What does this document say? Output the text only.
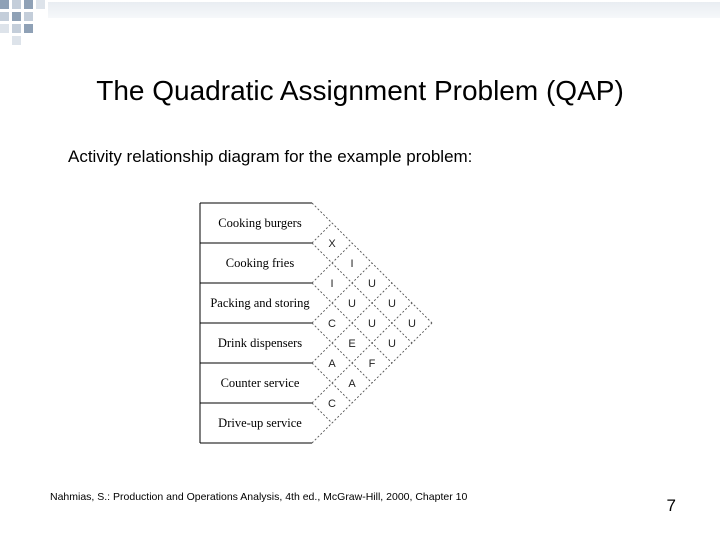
The Quadratic Assignment Problem (QAP)
Activity relationship diagram for the example problem:
Cooking burgers
Cooking fries
Packing and storing
Drink dispensers
Counter service
Drive-up service
X
I
U
U
U
I
U
U
U
C
E
F
A
A
C
Nahmias, S.: Production and Operations Analysis, 4th ed., McGraw-Hill, 2000, Chapter 10	7
